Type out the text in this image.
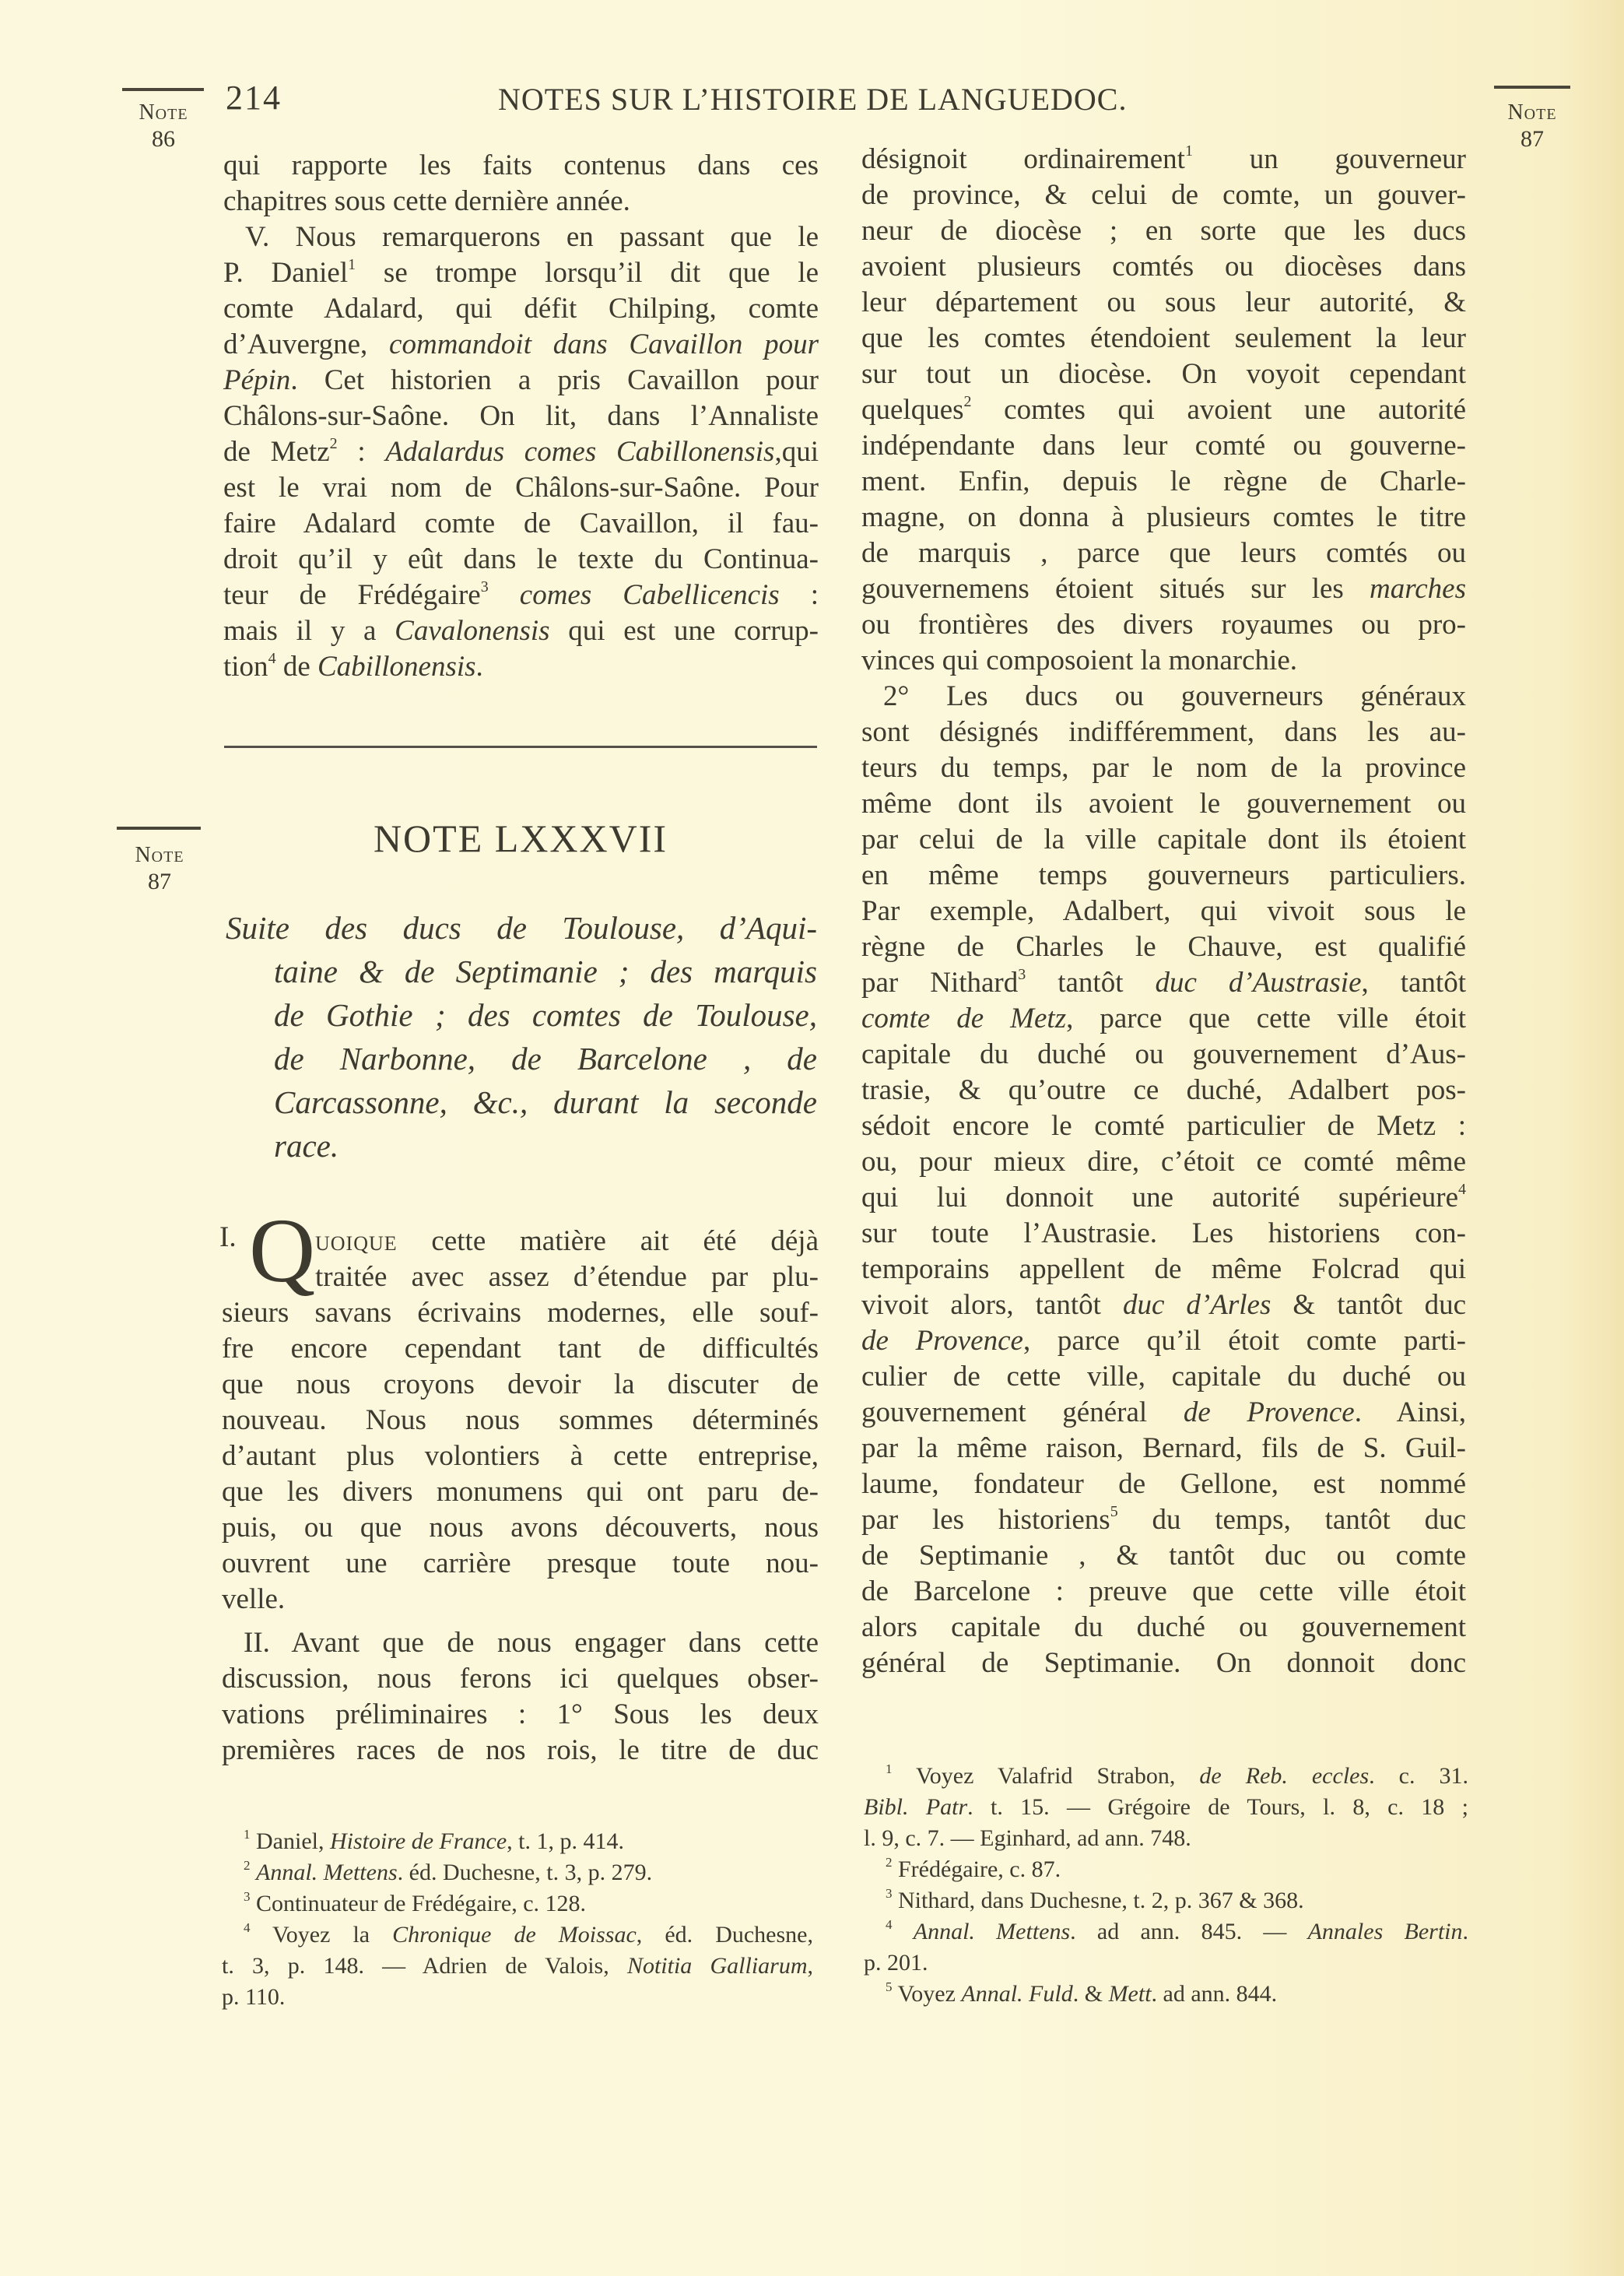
214	NOTES SUR L’HISTOIRE DE LANGUEDOC.
Note
86
Note
87
Note
87
qui rapporte les faits contenus dans ces
chapitres sous cette dernière année.
V. Nous remarquerons en passant que le
P. Daniel$^1$ se trompe lorsqu’il dit que le
comte Adalard, qui défit Chilping, comte
d’Auvergne, commandoit dans Cavaillon pour
Pépin. Cet historien a pris Cavaillon pour
Châlons-sur-Saône. On lit, dans l’Annaliste
de Metz$^2$ : Adalardus comes Cabillonensis,qui
est le vrai nom de Châlons-sur-Saône. Pour
faire Adalard comte de Cavaillon, il fau-
droit qu’il y eût dans le texte du Continua-
teur de Frédégaire$^3$ comes Cabellicencis :
mais il y a Cavalonensis qui est une corrup-
tion$^4$ de Cabillonensis.
NOTE LXXXVII
Suite des ducs de Toulouse, d’Aqui-
taine & de Septimanie ; des marquis
de Gothie ; des comtes de Toulouse,
de Narbonne, de Barcelone , de
Carcassonne, &c., durant la seconde
race.
Q
I.	uoique cette matière ait été déjà
traitée avec assez d’étendue par plu-
sieurs savans écrivains modernes, elle souf-
fre encore cependant tant de difficultés
que nous croyons devoir la discuter de
nouveau. Nous nous sommes déterminés
d’autant plus volontiers à cette entreprise,
que les divers monumens qui ont paru de-
puis, ou que nous avons découverts, nous
ouvrent une carrière presque toute nou-
velle.
II. Avant que de nous engager dans cette
discussion, nous ferons ici quelques obser-
vations préliminaires : 1° Sous les deux
premières races de nos rois, le titre de duc
$^1$ Daniel, Histoire de France, t. 1, p. 414.
$^2$ Annal. Mettens. éd. Duchesne, t. 3, p. 279.
$^3$ Continuateur de Frédégaire, c. 128.
$^4$ Voyez la Chronique de Moissac, éd. Duchesne,
t. 3, p. 148. — Adrien de Valois, Notitia Galliarum,
p. 110.
désignoit ordinairement$^1$ un gouverneur
de province, & celui de comte, un gouver-
neur de diocèse ; en sorte que les ducs
avoient plusieurs comtés ou diocèses dans
leur département ou sous leur autorité, &
que les comtes étendoient seulement la leur
sur tout un diocèse. On voyoit cependant
quelques$^2$ comtes qui avoient une autorité
indépendante dans leur comté ou gouverne-
ment. Enfin, depuis le règne de Charle-
magne, on donna à plusieurs comtes le titre
de marquis , parce que leurs comtés ou
gouvernemens étoient situés sur les marches
ou frontières des divers royaumes ou pro-
vinces qui composoient la monarchie.
2° Les ducs ou gouverneurs généraux
sont désignés indifféremment, dans les au-
teurs du temps, par le nom de la province
même dont ils avoient le gouvernement ou
par celui de la ville capitale dont ils étoient
en même temps gouverneurs particuliers.
Par exemple, Adalbert, qui vivoit sous le
règne de Charles le Chauve, est qualifié
par Nithard$^3$ tantôt duc d’Austrasie, tantôt
comte de Metz, parce que cette ville étoit
capitale du duché ou gouvernement d’Aus-
trasie, & qu’outre ce duché, Adalbert pos-
sédoit encore le comté particulier de Metz :
ou, pour mieux dire, c’étoit ce comté même
qui lui donnoit une autorité supérieure$^4$
sur toute l’Austrasie. Les historiens con-
temporains appellent de même Folcrad qui
vivoit alors, tantôt duc d’Arles & tantôt duc
de Provence, parce qu’il étoit comte parti-
culier de cette ville, capitale du duché ou
gouvernement général de Provence. Ainsi,
par la même raison, Bernard, fils de S. Guil-
laume, fondateur de Gellone, est nommé
par les historiens$^5$ du temps, tantôt duc
de Septimanie , & tantôt duc ou comte
de Barcelone : preuve que cette ville étoit
alors capitale du duché ou gouvernement
général de Septimanie. On donnoit donc
$^1$ Voyez Valafrid Strabon, de Reb. eccles. c. 31.
Bibl. Patr. t. 15. — Grégoire de Tours, l. 8, c. 18 ;
l. 9, c. 7. — Eginhard, ad ann. 748.
$^2$ Frédégaire, c. 87.
$^3$ Nithard, dans Duchesne, t. 2, p. 367 & 368.
$^4$ Annal. Mettens. ad ann. 845. — Annales Bertin.
p. 201.
$^5$ Voyez Annal. Fuld. & Mett. ad ann. 844.
